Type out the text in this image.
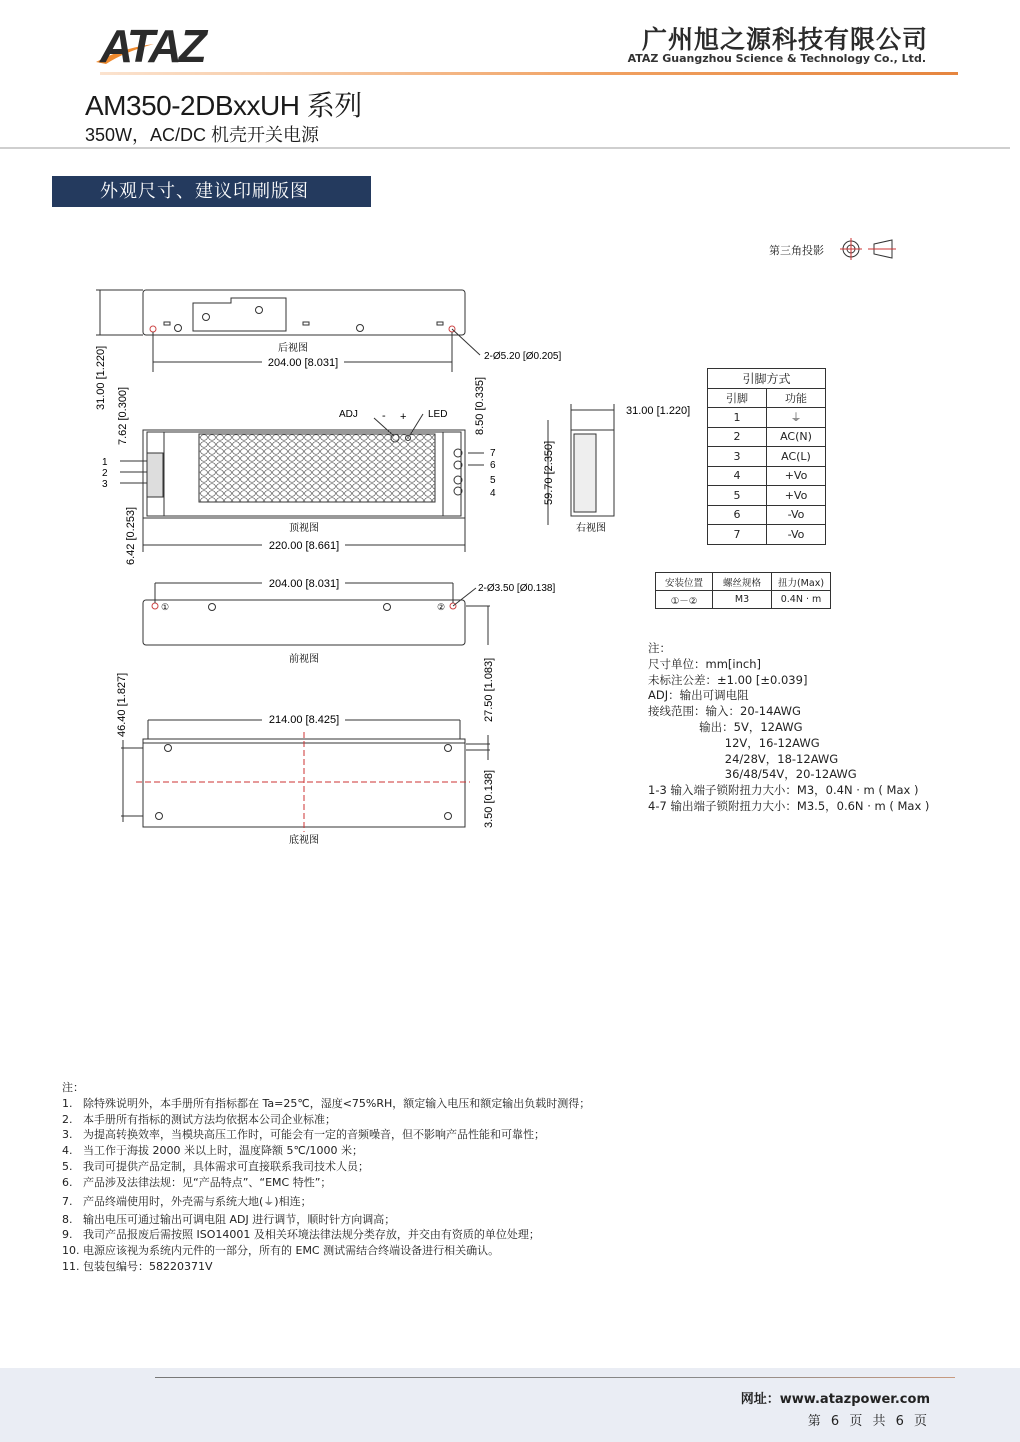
ATAZ	广州旭之源科技有限公司
ATAZ Guangzhou Science & Technology Co., Ltd.
AM350-2DBxxUH 系列
350W，AC/DC 机壳开关电源
外观尺寸、建议印刷版图
第三角投影
后视图
204.00 [8.031]
2-Ø5.20 [Ø0.205]
31.00 [1.220]
顶视图
220.00 [8.661]
7.62 [0.300]
6.42 [0.253]
8.50 [0.335]
ADJ - + LED
1
2
3
7
6
5
4
右视图
31.00 [1.220]
59.70 [2.350]
①	②
前视图
204.00 [8.031]	2-Ø3.50 [Ø0.138]
27.50 [1.083]
底视图
214.00 [8.425]
46.40 [1.827]
3.50 [0.138]
引脚方式	
引脚	功能
1	⏚
2	AC(N)
3	AC(L)
4	+Vo
5	+Vo
6	-Vo
7	-Vo
安装位置	螺丝规格	扭力(Max)
①－②	M3	0.4N · m
注：
尺寸单位：mm[inch]
未标注公差：±1.00 [±0.039]
ADJ：输出可调电阻
接线范围：输入：20-14AWG
输出：5V，12AWG
12V，16-12AWG
24/28V，18-12AWG
36/48/54V，20-12AWG
1-3 输入端子锁附扭力大小：M3，0.4N · m ( Max )
4-7 输出端子锁附扭力大小：M3.5，0.6N · m ( Max )
注：
1. 除特殊说明外，本手册所有指标都在 Ta=25℃，湿度<75%RH，额定输入电压和额定输出负载时测得；
2. 本手册所有指标的测试方法均依据本公司企业标准；
3. 为提高转换效率，当模块高压工作时，可能会有一定的音频噪音，但不影响产品性能和可靠性；
4. 当工作于海拔 2000 米以上时，温度降额 5℃/1000 米；
5. 我司可提供产品定制，具体需求可直接联系我司技术人员；
6. 产品涉及法律法规：见“产品特点”、“EMC 特性”；
7. 产品终端使用时，外壳需与系统大地(⏚)相连；
8. 输出电压可通过输出可调电阻 ADJ 进行调节，顺时针方向调高；
9. 我司产品报废后需按照 ISO14001 及相关环境法律法规分类存放，并交由有资质的单位处理；
10. 电源应该视为系统内元件的一部分，所有的 EMC 测试需结合终端设备进行相关确认。
11. 包装包编号：58220371V
网址：www.atazpower.com
第 6 页 共 6 页
